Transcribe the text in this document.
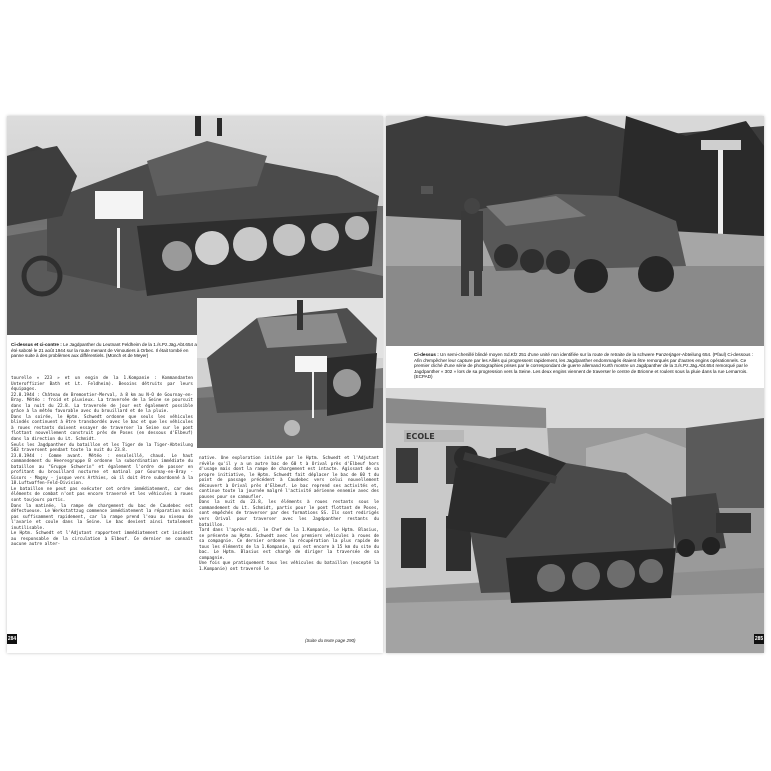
Ci-dessus et ci-contre : Le Jagdpanther du Leutnant Feldheim de la 1./s.Pz.Jäg.Abt.654 a été saboté le 21 août 1944 sur la route menant de Vimoutiers à Orbec. Il était tombé en panne suite à des problèmes aux différentiels. (Münch et de Meyer)

tourelle « 223 » et un engin de la 1.Kompanie : Kommandanten Unteroffizier Bath et Lt. Feldheim). Besoins détruits par leurs équipages.

22.8.1944 : Château de Bremontier-Merval, à 8 km au N-O de Gournay-en-Bray. Météo : froid et pluvieux. La traversée de la Seine se poursuit dans la nuit du 22.8. La traversée de jour est également possible grâce à la météo favorable avec du brouillard et de la pluie.

Dans la soirée, le Hptm. Schwedt ordonne que seuls les véhicules blindés continuent à être transbordés avec le bac et que les véhicules à roues restants doivent essayer de traverser la Seine sur le pont flottant nouvellement construit près de Poses (en dessous d'Elbeuf) dans la direction du Lt. Schmidt.

Seuls les Jagdpanther du bataillon et les Tiger de la Tiger-Abteilung 503 traversent pendant toute la nuit du 23.8.

23.8.1944 : Comme avant. Météo : ensoleillé, chaud. Le haut commandement du Heeresgruppe B ordonne la subordination immédiate du bataillon au "Gruppe Schwerin" et également l'ordre de passer en profitant du brouillard nocturne et matinal par Gournay-en-Bray - Gisors - Magny - jusque vers Arthies, où il doit être subordonné à la 18.Luftwaffen-Feld-Division.

Le bataillon ne peut pas exécuter cet ordre immédiatement, car des éléments de combat n'ont pas encore traversé et les véhicules à roues sont toujours partis.

Dans la matinée, la rampe de chargement du bac de Caudebec est défectueuse. Le Werkstattzug commence immédiatement la réparation mais pas suffisamment rapidement, car la rampe prend l'eau au niveau de l'avarie et coule dans la Seine. Le bac devient ainsi totalement inutilisable.

Le Hptm. Schwedt et l'Adjutant rapportent immédiatement cet incident au responsable de la circulation à Elbeuf. Ce dernier ne connaît aucune autre alter-

native. Une exploration initiée par le Hptm. Schwedt et l'Adjutant révèle qu'il y a un autre bac de 60 t à Orival près d'Elbeuf hors d'usage mais dont la rampe de chargement est intacte. Agissant de sa propre initiative, le Hptm. Schwedt fait déplacer le bac de 60 t du point de passage précédent à Caudebec vers celui nouvellement découvert à Orival près d'Elbeuf. Le bac reprend ses activités et, continue toute la journée malgré l'activité aérienne ennemie avec des pauses pour se camoufler.

Dans la nuit du 23.8, les éléments à roues restants sous le commandement du Lt. Schmidt, partis pour le pont flottant de Poses, sont empêchés de traverser par des formations SS. Ils sont redirigés vers Orival pour traverser avec les Jagdpanther restants du bataillon.

Tard dans l'après-midi, le Chef de la 1.Kompanie, le Hptm. Blasius, se présente au Hptm. Schwedt avec les premiers véhicules à roues de sa compagnie. Ce dernier ordonne la récupération la plus rapide de tous les éléments de la 1.Kompanie, qui est encore à 15 km du site du bac. Le Hptm. Blasius est chargé de diriger la traversée de sa compagnie.

Une fois que pratiquement tous les véhicules du bataillon (excepté la 1.Kompanie) ont traversé le

(Suite du texte page 290)
284
Ci-dessus : Un semi-chenillé blindé moyen Sd.Kfz 251 d'une unité non identifiée sur la route de retraite de la schwere Panzerjäger-Abteilung 654. (Pfaul) Ci-dessous : Afin d'empêcher leur capture par les Alliés qui progressent rapidement, les Jagdpanther endommagés étaient être remorqués par d'autres engins opérationnels. Ce premier cliché d'une série de photographies prises par le correspondant de guerre allemand Kurth montre un Jagdpanther de la 3./s.Pz.Jäg.Abt.654 remorqué par le Jagdpanther « 302 » lors de sa progression vers la Seine. Les deux engins viennent de traverser le centre de Brionne et roulent sous la pluie dans la rue Lemarrois. (ECPAD)
ECOLE
285
